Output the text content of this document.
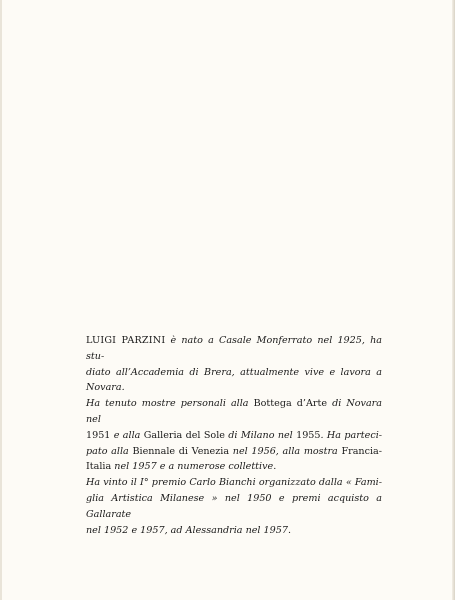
LUIGI PARZINI è nato a Casale Monferrato nel 1925, ha stu-
diato all’Accademia di Brera, attualmente vive e lavora a
Novara.

Ha tenuto mostre personali alla Bottega d’Arte di Novara nel
1951 e alla Galleria del Sole di Milano nel 1955. Ha parteci-
pato alla Biennale di Venezia nel 1956, alla mostra Francia-
Italia nel 1957 e a numerose collettive.

Ha vinto il I° premio Carlo Bianchi organizzato dalla « Fami-
glia Artistica Milanese » nel 1950 e premi acquisto a Gallarate
nel 1952 e 1957, ad Alessandria nel 1957.
